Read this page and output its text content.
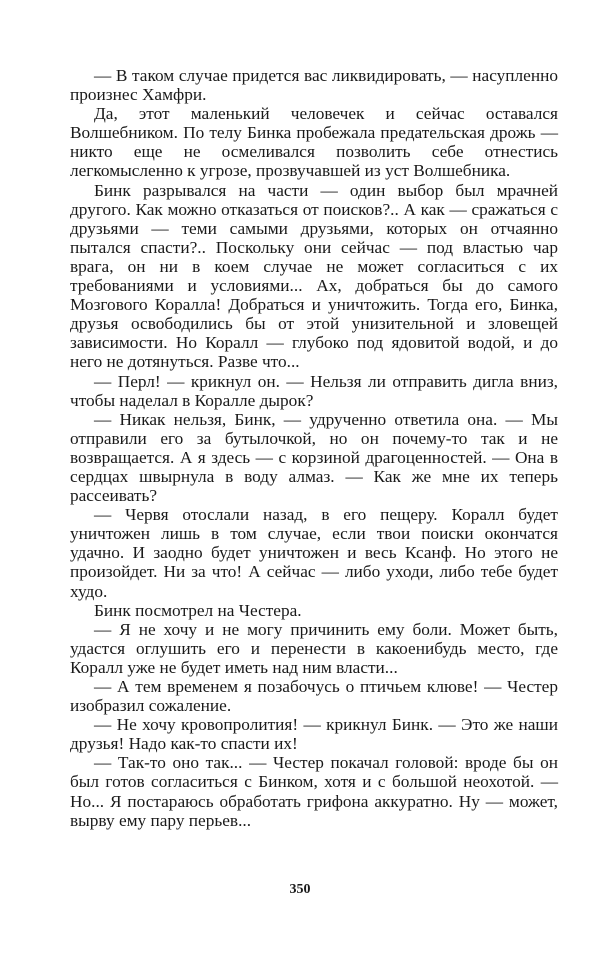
— В таком случае придется вас ликвидировать, — насупленно произнес Хамфри.

Да, этот маленький человечек и сейчас оставался Волшебником. По телу Бинка пробежала предательская дрожь — никто еще не осмеливался позволить себе отнестись легкомысленно к угрозе, прозвучавшей из уст Волшебника.

Бинк разрывался на части — один выбор был мрачней другого. Как можно отказаться от поисков?.. А как — сражаться с друзьями — теми самыми друзьями, которых он отчаянно пытался спасти?.. Поскольку они сейчас — под властью чар врага, он ни в коем случае не может согласиться с их требованиями и условиями... Ах, добраться бы до самого Мозгового Коралла! Добраться и уничтожить. Тогда его, Бинка, друзья освободились бы от этой унизительной и зловещей зависимости. Но Коралл — глубоко под ядовитой водой, и до него не дотянуться. Разве что...

— Перл! — крикнул он. — Нельзя ли отправить дигла вниз, чтобы наделал в Коралле дырок?

— Никак нельзя, Бинк, — удрученно ответила она. — Мы отправили его за бутылочкой, но он почему-то так и не возвращается. А я здесь — с корзиной драгоценностей. — Она в сердцах швырнула в воду алмаз. — Как же мне их теперь рассеивать?

— Червя отослали назад, в его пещеру. Коралл будет уничтожен лишь в том случае, если твои поиски окончатся удачно. И заодно будет уничтожен и весь Ксанф. Но этого не произойдет. Ни за что! А сейчас — либо уходи, либо тебе будет худо.

Бинк посмотрел на Честера.

— Я не хочу и не могу причинить ему боли. Может быть, удастся оглушить его и перенести в какоенибудь место, где Коралл уже не будет иметь над ним власти...

— А тем временем я позабочусь о птичьем клюве! — Честер изобразил сожаление.

— Не хочу кровопролития! — крикнул Бинк. — Это же наши друзья! Надо как-то спасти их!

— Так-то оно так... — Честер покачал головой: вроде бы он был готов согласиться с Бинком, хотя и с большой неохотой. — Но... Я постараюсь обработать грифона аккуратно. Ну — может, вырву ему пару перьев...

350
